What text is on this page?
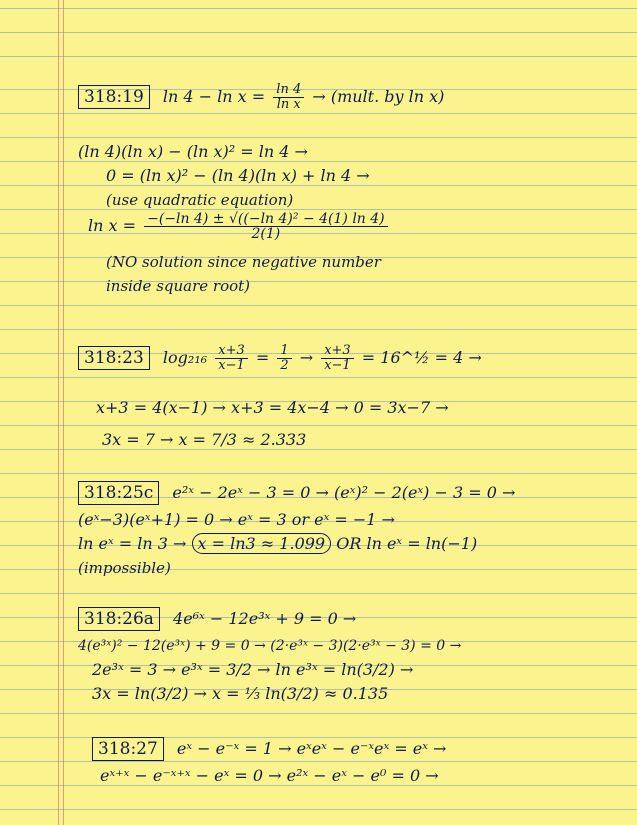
318:19 $\ln 4 - \ln x = \frac{\ln 4}{\text{ln x}}$ → (mult. by ln x)
(ln 4)(ln x) − (ln x)² = ln 4 →
0 = (ln x)² − (ln 4)(ln x) + ln 4 →
(use quadratic equation)
$\ln x = \frac{\text{−(−ln 4) ± √((−ln 4)² − 4(1) ln 4)}}{2(1)}$
(NO solution since negative number
inside square root)
318:23 $\log_{216} \frac{x+3}{x-1} = \frac{1}{2} \to \frac{x+3}{x-1}$ = 16^½ = 4 →
x+3 = 4(x−1) → x+3 = 4x−4 → 0 = 3x−7 →
3x = 7 → x = 7/3 ≈ 2.333
318:25c e²ˣ − 2eˣ − 3 = 0 → (eˣ)² − 2(eˣ) − 3 = 0 →
(eˣ−3)(eˣ+1) = 0 → eˣ = 3 or eˣ = −1 →
ln eˣ = ln 3 → x = ln3 ≈ 1.099 OR ln eˣ = ln(−1)
(impossible)
318:26a 4e⁶ˣ − 12e³ˣ + 9 = 0 →
4(e³ˣ)² − 12(e³ˣ) + 9 = 0 → (2·e³ˣ − 3)(2·e³ˣ − 3) = 0 →
2e³ˣ = 3 → e³ˣ = 3/2 → ln e³ˣ = ln(3/2) →
3x = ln(3/2) → x = ⅓ ln(3/2) ≈ 0.135
318:27 eˣ − e⁻ˣ = 1 → eˣeˣ − e⁻ˣeˣ = eˣ →
eˣ⁺ˣ − e⁻ˣ⁺ˣ − eˣ = 0 → e²ˣ − eˣ − e⁰ = 0 →
